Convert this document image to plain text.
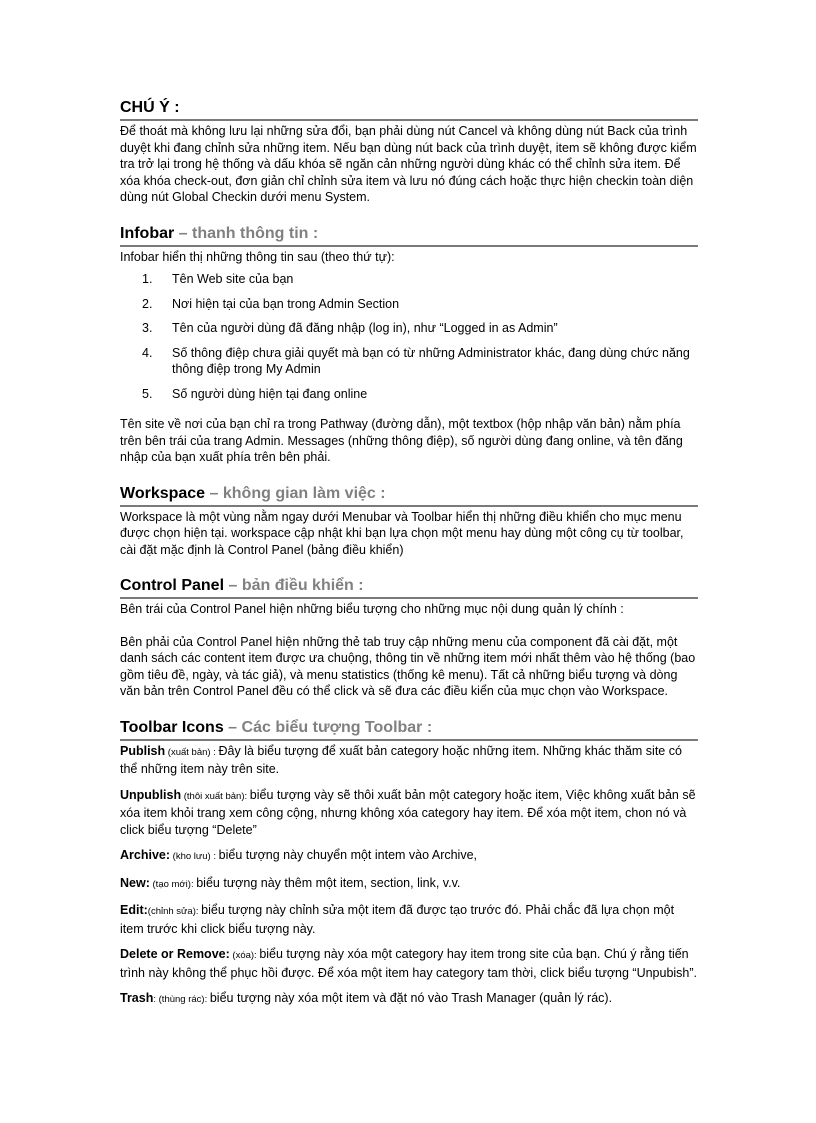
CHÚ Ý :

Để thoát mà không lưu lại những sửa đổi, bạn phải dùng nút Cancel và không dùng nút Back của trình duyệt khi đang chỉnh sửa những item. Nếu bạn dùng nút back của trình duyệt, item sẽ không được kiểm tra trở lại trong hệ thống và dấu khóa sẽ ngăn cản những người dùng khác có thể chỉnh sửa item. Để xóa khóa check-out, đơn giản chỉ chỉnh sửa item và lưu nó đúng cách hoặc thực hiện checkin toàn diện dùng nút Global Checkin dưới menu System.

Infobar – thanh thông tin :

Infobar hiển thị những thông tin sau (theo thứ tự):

1. Tên Web site của bạn
2. Nơi hiện tại của bạn trong Admin Section
3. Tên của người dùng đã đăng nhập (log in), như “Logged in as Admin”
4. Số thông điệp chưa giải quyết mà bạn có từ những Administrator khác, đang dùng chức năng thông điệp trong My Admin
5. Số người dùng hiện tại đang online

Tên site về nơi của bạn chỉ ra trong Pathway (đường dẫn), một textbox (hộp nhập văn bản) nằm phía trên bên trái của trang Admin. Messages (những thông điệp), số người dùng đang online, và tên đăng nhập của bạn xuất phía trên bên phải.

Workspace – không gian làm việc :

Workspace là một vùng nằm ngay dưới Menubar và Toolbar hiển thị những điều khiển cho mục menu được chọn hiện tại. workspace cập nhật khi bạn lựa chọn một menu hay dùng một công cụ từ toolbar, cài đặt mặc định là Control Panel (bảng điều khiển)

Control Panel – bản điều khiển :

Bên trái của Control Panel hiện những biểu tượng cho những mục nội dung quản lý chính :

Bên phải của Control Panel hiện những thẻ tab truy cập những menu của component đã cài đặt, một danh sách các content item được ưa chuộng, thông tin về những item mới nhất thêm vào hệ thống (bao gồm tiêu đề, ngày, và tác giả), và menu statistics (thống kê menu). Tất cả những biểu tượng và dòng văn bản trên Control Panel đều có thể click và sẽ đưa các điều kiển của mục chọn vào Workspace.

Toolbar Icons – Các biểu tượng Toolbar :

Publish (xuất bản) : Đây là biểu tượng để xuất bản category hoặc những item. Những khác thăm site có thể những item này trên site.

Unpublish (thôi xuất bản): biểu tượng vày sẽ thôi xuất bản một category hoặc item, Việc không xuất bản sẽ xóa item khỏi trang xem công cộng, nhưng không xóa category hay item. Để xóa một item, chon nó và click biểu tượng “Delete”

Archive: (kho lưu) : biểu tượng này chuyển một intem vào Archive,

New: (tạo mới): biểu tượng này thêm một item, section, link, v.v.

Edit:(chỉnh sửa): biểu tượng này chỉnh sửa một item đã được tạo trước đó. Phải chắc đã lựa chọn một item trước khi click biểu tượng này.

Delete or Remove: (xóa): biểu tượng này xóa một category hay item trong site của bạn. Chú ý rằng tiến trình này không thể phục hồi được. Để xóa một item hay category tam thời, click biểu tượng “Unpubish”.

Trash: (thùng rác): biểu tượng này xóa một item và đặt nó vào Trash Manager (quản lý rác).
